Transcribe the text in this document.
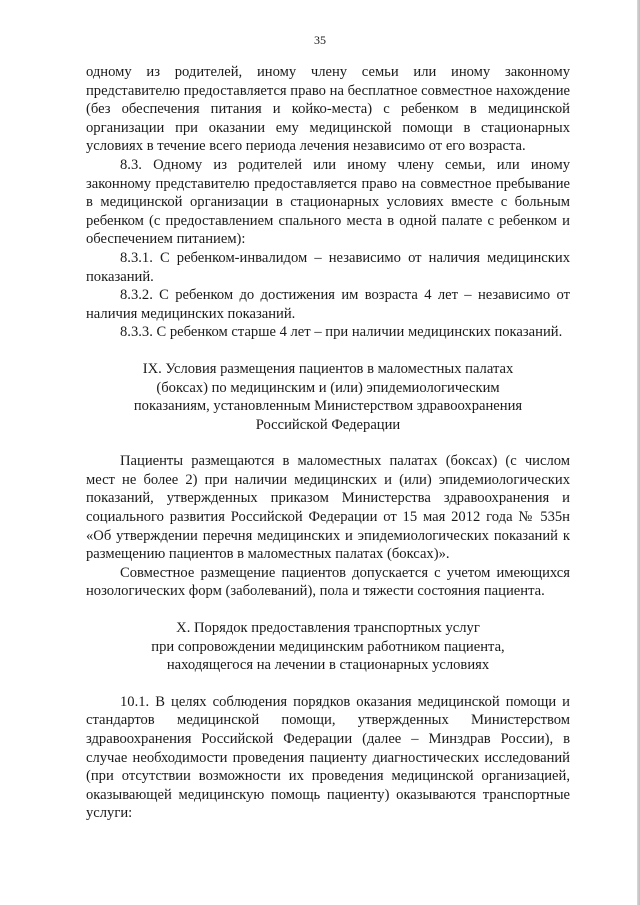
35

одному из родителей, иному члену семьи или иному законному представителю предоставляется право на бесплатное совместное нахождение (без обеспечения питания и койко-места) с ребенком в медицинской организации при оказании ему медицинской помощи в стационарных условиях в течение всего периода лечения независимо от его возраста.

8.3. Одному из родителей или иному члену семьи, или иному законному представителю предоставляется право на совместное пребывание в медицинской организации в стационарных условиях вместе с больным ребенком (с предоставлением спального места в одной палате с ребенком и обеспечением питанием):

8.3.1. С ребенком-инвалидом – независимо от наличия медицинских показаний.

8.3.2. С ребенком до достижения им возраста 4 лет – независимо от наличия медицинских показаний.

8.3.3. С ребенком старше 4 лет – при наличии медицинских показаний.

IX. Условия размещения пациентов в маломестных палатах
(боксах) по медицинским и (или) эпидемиологическим
показаниям, установленным Министерством здравоохранения
Российской Федерации

Пациенты размещаются в маломестных палатах (боксах) (с числом мест не более 2) при наличии медицинских и (или) эпидемиологических показаний, утвержденных приказом Министерства здравоохранения и социального развития Российской Федерации от 15 мая 2012 года № 535н «Об утверждении перечня медицинских и эпидемиологических показаний к размещению пациентов в маломестных палатах (боксах)».

Совместное размещение пациентов допускается с учетом имеющихся нозологических форм (заболеваний), пола и тяжести состояния пациента.

X. Порядок предоставления транспортных услуг
при сопровождении медицинским работником пациента,
находящегося на лечении в стационарных условиях

10.1. В целях соблюдения порядков оказания медицинской помощи и стандартов медицинской помощи, утвержденных Министерством здравоохранения Российской Федерации (далее – Минздрав России), в случае необходимости проведения пациенту диагностических исследований (при отсутствии возможности их проведения медицинской организацией, оказывающей медицинскую помощь пациенту) оказываются транспортные услуги:
